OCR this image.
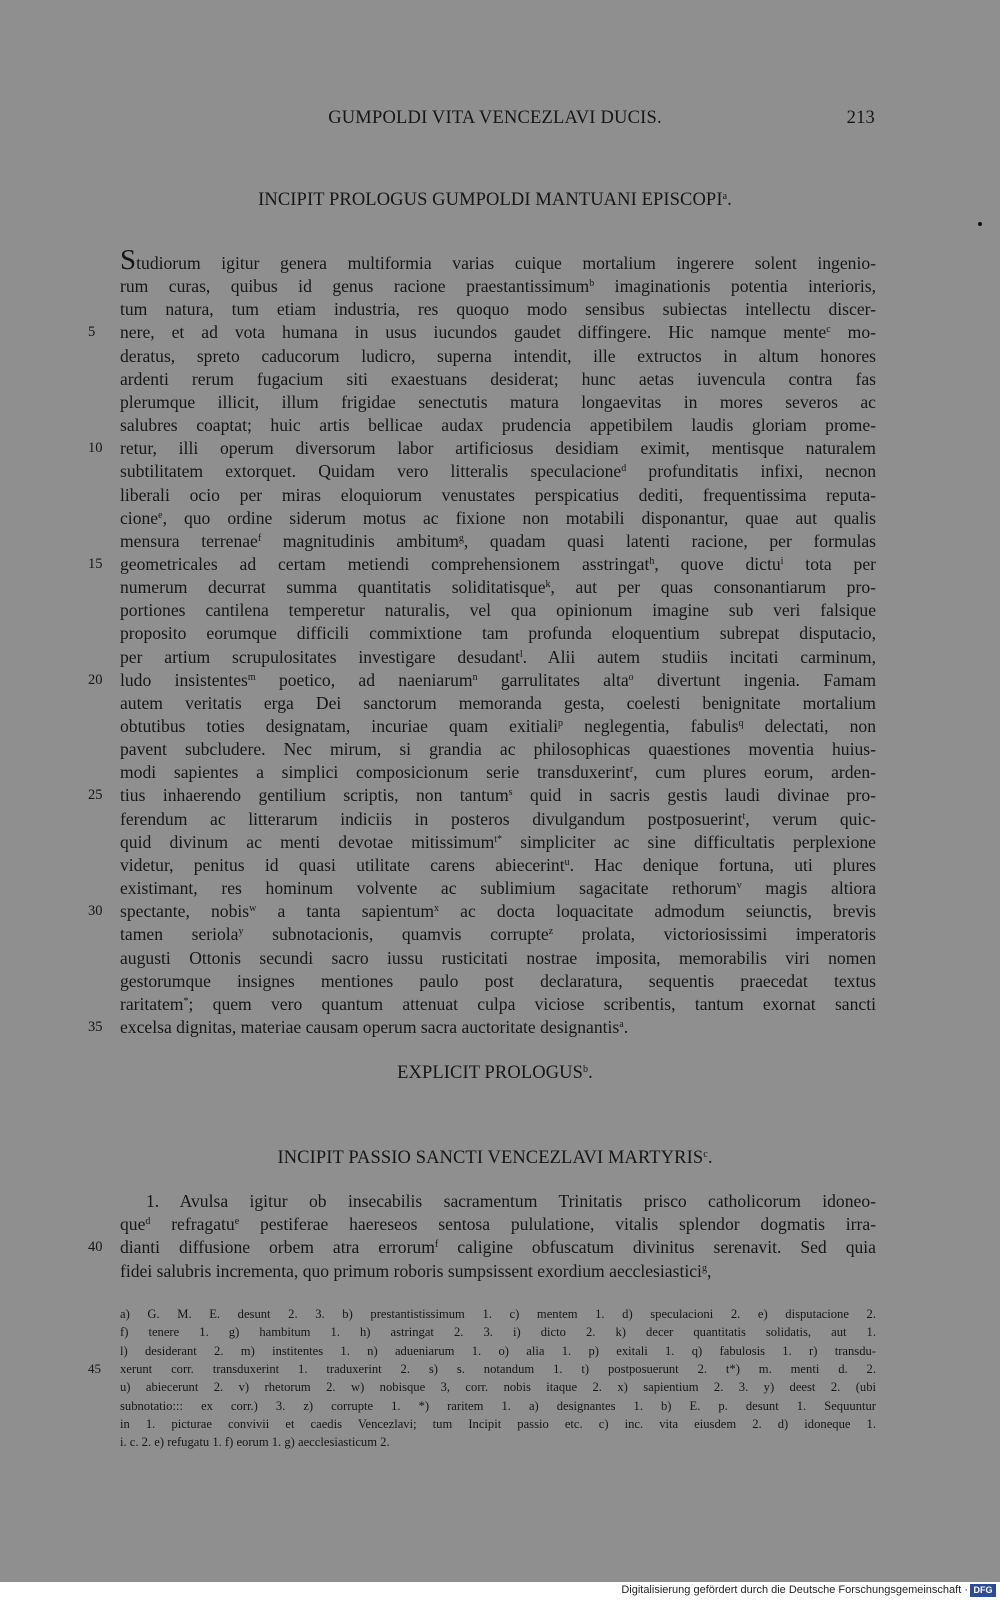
GUMPOLDI VITA VENCEZLAVI DUCIS.	213
INCIPIT PROLOGUS GUMPOLDI MANTUANI EPISCOPI$^a$.
Studiorum igitur genera multiformia varias cuique mortalium ingerere solent ingenio-
rum curas, quibus id genus racione praestantissimum$^b$ imaginationis potentia interioris,
tum natura, tum etiam industria, res quoquo modo sensibus subiectas intellectu discer-
nere, et ad vota humana in usus iucundos gaudet diffingere. Hic namque mente$^c$ mo-
deratus, spreto caducorum ludicro, superna intendit, ille extructos in altum honores
ardenti rerum fugacium siti exaestuans desiderat; hunc aetas iuvencula contra fas
plerumque illicit, illum frigidae senectutis matura longaevitas in mores severos ac
salubres coaptat; huic artis bellicae audax prudencia appetibilem laudis gloriam prome-
retur, illi operum diversorum labor artificiosus desidiam eximit, mentisque naturalem
subtilitatem extorquet. Quidam vero litteralis speculacione$^d$ profunditatis infixi, necnon
liberali ocio per miras eloquiorum venustates perspicatius dediti, frequentissima reputa-
cione$^e$, quo ordine siderum motus ac fixione non motabili disponantur, quae aut qualis
mensura terrenae$^f$ magnitudinis ambitum$^g$, quadam quasi latenti racione, per formulas
geometricales ad certam metiendi comprehensionem asstringat$^h$, quove dictu$^i$ tota per
numerum decurrat summa quantitatis soliditatisque$^k$, aut per quas consonantiarum pro-
portiones cantilena temperetur naturalis, vel qua opinionum imagine sub veri falsique
proposito eorumque difficili commixtione tam profunda eloquentium subrepat disputacio,
per artium scrupulositates investigare desudant$^l$. Alii autem studiis incitati carminum,
ludo insistentes$^m$ poetico, ad naeniarum$^n$ garrulitates alta$^o$ divertunt ingenia. Famam
autem veritatis erga Dei sanctorum memoranda gesta, coelesti benignitate mortalium
obtutibus toties designatam, incuriae quam exitiali$^p$ neglegentia, fabulis$^q$ delectati, non
pavent subcludere. Nec mirum, si grandia ac philosophicas quaestiones moventia huius-
modi sapientes a simplici composicionum serie transduxerint$^r$, cum plures eorum, arden-
tius inhaerendo gentilium scriptis, non tantum$^s$ quid in sacris gestis laudi divinae pro-
ferendum ac litterarum indiciis in posteros divulgandum postposuerint$^t$, verum quic-
quid divinum ac menti devotae mitissimum$^{t*}$ simpliciter ac sine difficultatis perplexione
videtur, penitus id quasi utilitate carens abiecerint$^u$. Hac denique fortuna, uti plures
existimant, res hominum volvente ac sublimium sagacitate rethorum$^v$ magis altiora
spectante, nobis$^w$ a tanta sapientum$^x$ ac docta loquacitate admodum seiunctis, brevis
tamen seriola$^y$ subnotacionis, quamvis corrupte$^z$ prolata, victoriosissimi imperatoris
augusti Ottonis secundi sacro iussu rusticitati nostrae imposita, memorabilis viri nomen
gestorumque insignes mentiones paulo post declaratura, sequentis praecedat textus
raritatem*; quem vero quantum attenuat culpa viciose scribentis, tantum exornat sancti
excelsa dignitas, materiae causam operum sacra auctoritate designantis$^a$.
5
10
15
20
25
30
35
EXPLICIT PROLOGUS$^b$.
INCIPIT PASSIO SANCTI VENCEZLAVI MARTYRIS$^c$.
1. Avulsa igitur ob insecabilis sacramentum Trinitatis prisco catholicorum idoneo-
que$^d$ refragatu$^e$ pestiferae haereseos sentosa pululatione, vitalis splendor dogmatis irra-
dianti diffusione orbem atra errorum$^f$ caligine obfuscatum divinitus serenavit. Sed quia
fidei salubris incrementa, quo primum roboris sumpsissent exordium aecclesiastici$^g$,
40
a) G. M. E. desunt 2. 3. b) prestantistissimum 1. c) mentem 1. d) speculacioni 2. e) disputacione 2.
f) tenere 1. g) hambitum 1. h) astringat 2. 3. i) dicto 2. k) decer quantitatis solidatis, aut 1.
l) desiderant 2. m) institentes 1. n) adueniarum 1. o) alia 1. p) exitali 1. q) fabulosis 1. r) transdu-
xerunt corr. transduxerint 1. traduxerint 2. s) s. notandum 1. t) postposuerunt 2. t*) m. menti d. 2.
u) abiecerunt 2. v) rhetorum 2. w) nobisque 3, corr. nobis itaque 2. x) sapientium 2. 3. y) deest 2. (ubi
subnotatio::: ex corr.) 3. z) corrupte 1. *) raritem 1. a) designantes 1. b) E. p. desunt 1. Sequuntur
in 1. picturae convivii et caedis Vencezlavi; tum Incipit passio etc. c) inc. vita eiusdem 2. d) idoneque 1.
i. c. 2. e) refugatu 1. f) eorum 1. g) aecclesiasticum 2.
45
Digitalisierung gefördert durch die Deutsche Forschungsgemeinschaft · DFG
